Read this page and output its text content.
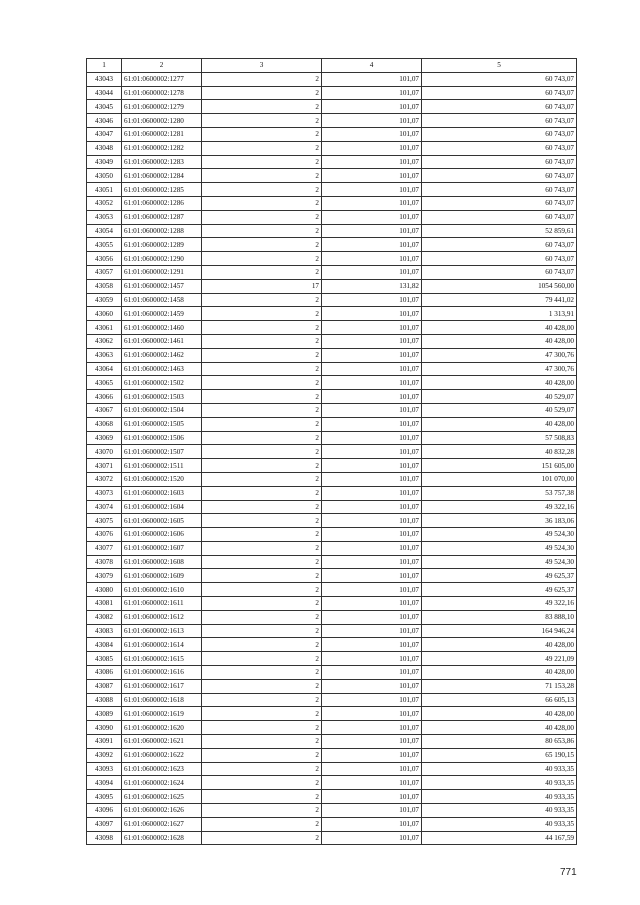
1	2	3	4	5
43043	61:01:0600002:1277	2	101,07	60 743,07
43044	61:01:0600002:1278	2	101,07	60 743,07
43045	61:01:0600002:1279	2	101,07	60 743,07
43046	61:01:0600002:1280	2	101,07	60 743,07
43047	61:01:0600002:1281	2	101,07	60 743,07
43048	61:01:0600002:1282	2	101,07	60 743,07
43049	61:01:0600002:1283	2	101,07	60 743,07
43050	61:01:0600002:1284	2	101,07	60 743,07
43051	61:01:0600002:1285	2	101,07	60 743,07
43052	61:01:0600002:1286	2	101,07	60 743,07
43053	61:01:0600002:1287	2	101,07	60 743,07
43054	61:01:0600002:1288	2	101,07	52 859,61
43055	61:01:0600002:1289	2	101,07	60 743,07
43056	61:01:0600002:1290	2	101,07	60 743,07
43057	61:01:0600002:1291	2	101,07	60 743,07
43058	61:01:0600002:1457	17	131,82	1054 560,00
43059	61:01:0600002:1458	2	101,07	79 441,02
43060	61:01:0600002:1459	2	101,07	1 313,91
43061	61:01:0600002:1460	2	101,07	40 428,00
43062	61:01:0600002:1461	2	101,07	40 428,00
43063	61:01:0600002:1462	2	101,07	47 300,76
43064	61:01:0600002:1463	2	101,07	47 300,76
43065	61:01:0600002:1502	2	101,07	40 428,00
43066	61:01:0600002:1503	2	101,07	40 529,07
43067	61:01:0600002:1504	2	101,07	40 529,07
43068	61:01:0600002:1505	2	101,07	40 428,00
43069	61:01:0600002:1506	2	101,07	57 508,83
43070	61:01:0600002:1507	2	101,07	40 832,28
43071	61:01:0600002:1511	2	101,07	151 605,00
43072	61:01:0600002:1520	2	101,07	101 070,00
43073	61:01:0600002:1603	2	101,07	53 757,38
43074	61:01:0600002:1604	2	101,07	49 322,16
43075	61:01:0600002:1605	2	101,07	36 183,06
43076	61:01:0600002:1606	2	101,07	49 524,30
43077	61:01:0600002:1607	2	101,07	49 524,30
43078	61:01:0600002:1608	2	101,07	49 524,30
43079	61:01:0600002:1609	2	101,07	49 625,37
43080	61:01:0600002:1610	2	101,07	49 625,37
43081	61:01:0600002:1611	2	101,07	49 322,16
43082	61:01:0600002:1612	2	101,07	83 888,10
43083	61:01:0600002:1613	2	101,07	164 946,24
43084	61:01:0600002:1614	2	101,07	40 428,00
43085	61:01:0600002:1615	2	101,07	49 221,09
43086	61:01:0600002:1616	2	101,07	40 428,00
43087	61:01:0600002:1617	2	101,07	71 153,28
43088	61:01:0600002:1618	2	101,07	66 605,13
43089	61:01:0600002:1619	2	101,07	40 428,00
43090	61:01:0600002:1620	2	101,07	40 428,00
43091	61:01:0600002:1621	2	101,07	80 653,86
43092	61:01:0600002:1622	2	101,07	65 190,15
43093	61:01:0600002:1623	2	101,07	40 933,35
43094	61:01:0600002:1624	2	101,07	40 933,35
43095	61:01:0600002:1625	2	101,07	40 933,35
43096	61:01:0600002:1626	2	101,07	40 933,35
43097	61:01:0600002:1627	2	101,07	40 933,35
43098	61:01:0600002:1628	2	101,07	44 167,59
771
